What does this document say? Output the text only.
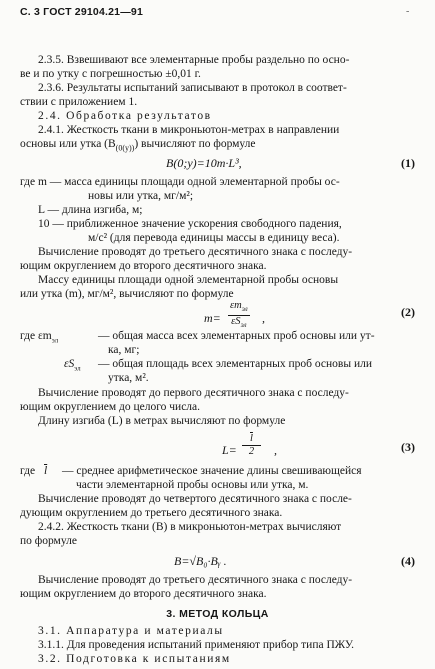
С. 3 ГОСТ 29104.21—91	-
2.3.5. Взвешивают все элементарные пробы раздельно по осно-
ве и по утку с погрешностью ±0,01 г.
2.3.6. Результаты испытаний записывают в протокол в соответ-
ствии с приложением 1.
2.4. Обработка результатов
2.4.1. Жесткость ткани в микроньютон-метрах в направлении
основы или утка $(B_{(0(y))})$ вычисляют по формуле
B(0;y)=10m·L³,	(1)
где m — масса единицы площади одной элементарной пробы ос-
новы или утка, мг/м²;
L — длина изгиба, м;
10 — приближенное значение ускорения свободного падения,
м/с² (для перевода единицы массы в единицу веса).
Вычисление проводят до третьего десятичного знака с последу-
ющим округлением до второго десятичного знака.
Массу единицы площади одной элементарной пробы основы
или утка (m), мг/м², вычисляют по формуле
m=
$\varepsilon m_{эл}$
$\varepsilon S_{эл}$
,	(2)
где $\varepsilon m_{эл}$	— общая масса всех элементарных проб основы или ут-
ка, мг;
$\varepsilon S_{эл}$ — общая площадь всех элементарных проб основы или
утка, м².
Вычисление проводят до первого десятичного знака с последу-
ющим округлением до целого числа.
Длину изгиба (L) в метрах вычисляют по формуле
$L= \frac{\overline{l}}{2}$ ,	(3)
где $\overline{l}$ — среднее арифметическое значение длины свешивающейся
части элементарной пробы основы или утка, м.
Вычисление проводят до четвертого десятичного знака с после-
дующим округлением до третьего десятичного знака.
2.4.2. Жесткость ткани (B) в микроньютон-метрах вычисляют
по формуле
B=√B₀·Bᵧ .	(4)
Вычисление проводят до третьего десятичного знака с последу-
ющим округлением до второго десятичного знака.
3. МЕТОД КОЛЬЦА
3.1. Аппаратура и материалы
3.1.1. Для проведения испытаний применяют прибор типа ПЖУ.
3.2. Подготовка к испытаниям
